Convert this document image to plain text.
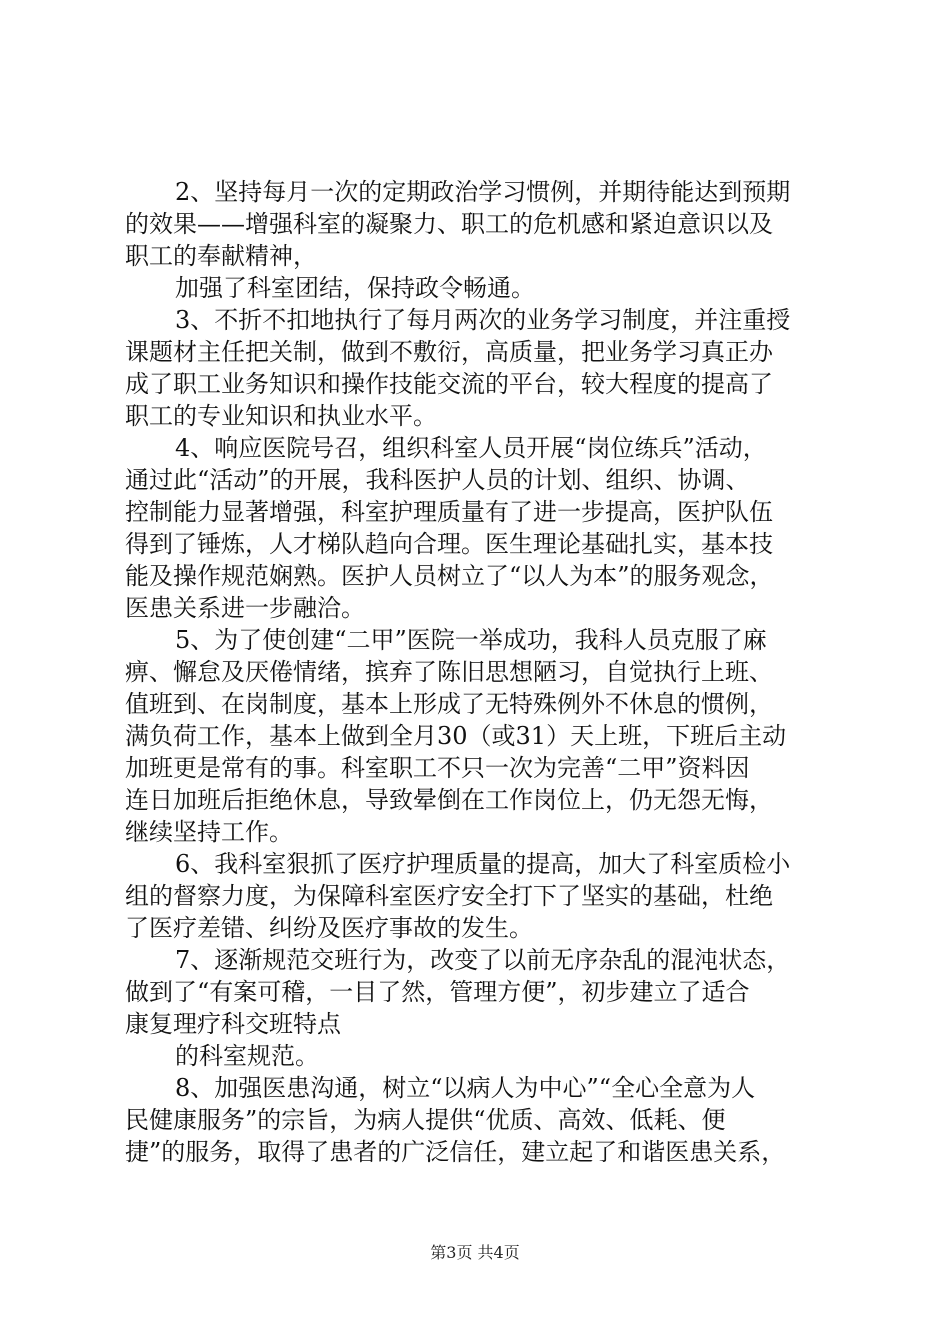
2、坚持每月一次的定期政治学习惯例，并期待能达到预期
的效果——增强科室的凝聚力、职工的危机感和紧迫意识以及
职工的奉献精神，
加强了科室团结，保持政令畅通。
3、不折不扣地执行了每月两次的业务学习制度，并注重授
课题材主任把关制，做到不敷衍，高质量，把业务学习真正办
成了职工业务知识和操作技能交流的平台，较大程度的提高了
职工的专业知识和执业水平。
4、响应医院号召，组织科室人员开展“岗位练兵”活动，
通过此“活动”的开展，我科医护人员的计划、组织、协调、
控制能力显著增强，科室护理质量有了进一步提高，医护队伍
得到了锤炼，人才梯队趋向合理。医生理论基础扎实，基本技
能及操作规范娴熟。医护人员树立了“以人为本”的服务观念，
医患关系进一步融洽。
5、为了使创建“二甲”医院一举成功，我科人员克服了麻
痹、懈怠及厌倦情绪，摈弃了陈旧思想陋习，自觉执行上班、
值班到、在岗制度，基本上形成了无特殊例外不休息的惯例，
满负荷工作，基本上做到全月30（或31）天上班，下班后主动
加班更是常有的事。科室职工不只一次为完善“二甲”资料因
连日加班后拒绝休息，导致晕倒在工作岗位上，仍无怨无悔，
继续坚持工作。
6、我科室狠抓了医疗护理质量的提高，加大了科室质检小
组的督察力度，为保障科室医疗安全打下了坚实的基础，杜绝
了医疗差错、纠纷及医疗事故的发生。
7、逐渐规范交班行为，改变了以前无序杂乱的混沌状态，
做到了“有案可稽，一目了然，管理方便”，初步建立了适合
康复理疗科交班特点
的科室规范。
8、加强医患沟通，树立“以病人为中心”“全心全意为人
民健康服务”的宗旨，为病人提供“优质、高效、低耗、便
捷”的服务，取得了患者的广泛信任，建立起了和谐医患关系，
第3页 共4页
